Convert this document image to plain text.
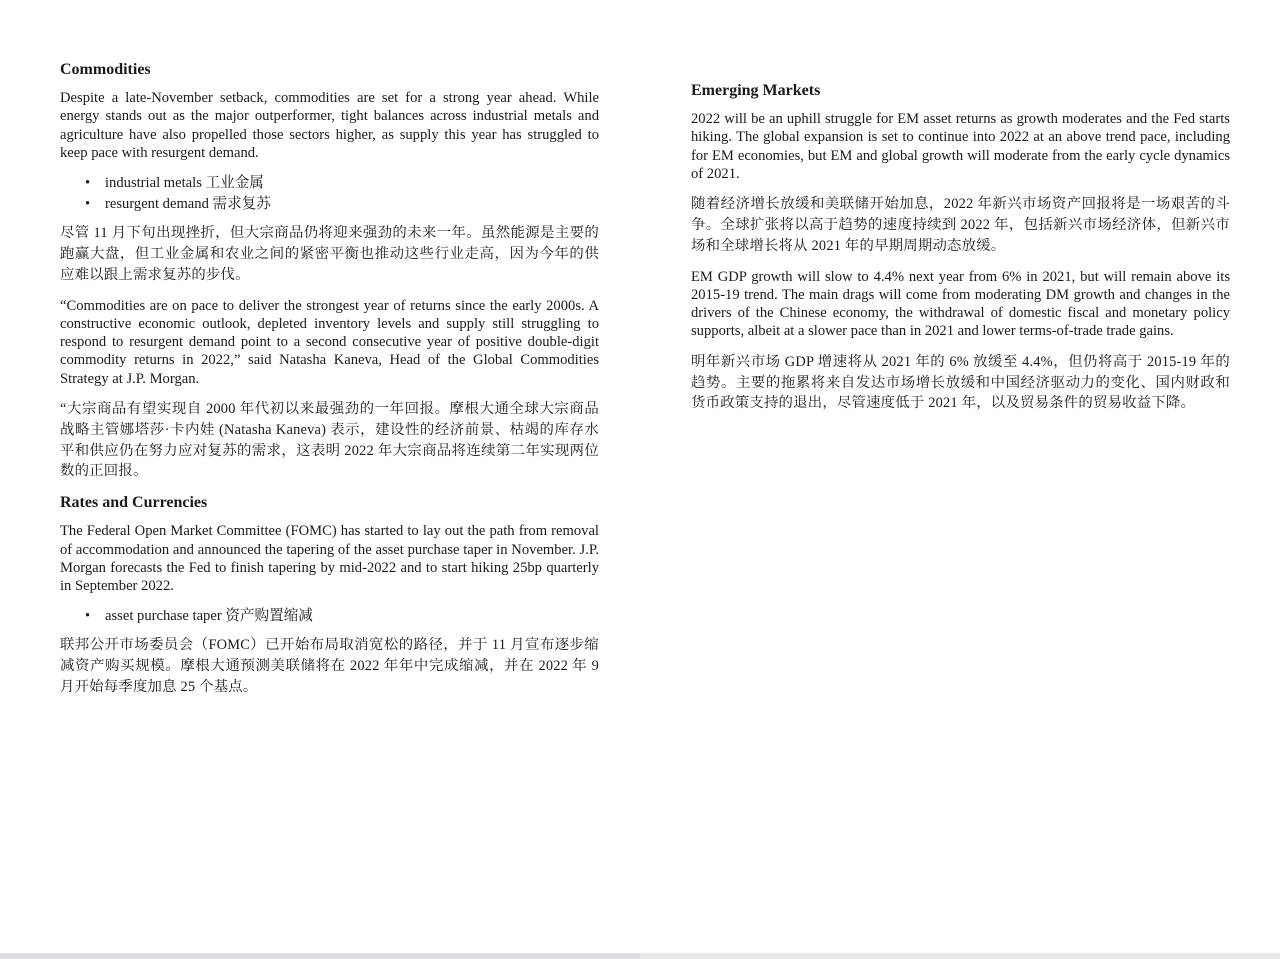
Commodities

Despite a late-November setback, commodities are set for a strong year ahead. While energy stands out as the major outperformer, tight balances across industrial metals and agriculture have also propelled those sectors higher, as supply this year has struggled to keep pace with resurgent demand.

• industrial metals 工业金属
• resurgent demand 需求复苏

尽管 11 月下旬出现挫折，但大宗商品仍将迎来强劲的未来一年。虽然能源是主要的跑赢大盘，但工业金属和农业之间的紧密平衡也推动这些行业走高，因为今年的供应难以跟上需求复苏的步伐。

“Commodities are on pace to deliver the strongest year of returns since the early 2000s. A constructive economic outlook, depleted inventory levels and supply still struggling to respond to resurgent demand point to a second consecutive year of positive double-digit commodity returns in 2022,” said Natasha Kaneva, Head of the Global Commodities Strategy at J.P. Morgan.

“大宗商品有望实现自 2000 年代初以来最强劲的一年回报。摩根大通全球大宗商品战略主管娜塔莎·卡内娃 (Natasha Kaneva) 表示，建设性的经济前景、枯竭的库存水平和供应仍在努力应对复苏的需求，这表明 2022 年大宗商品将连续第二年实现两位数的正回报。

Rates and Currencies

The Federal Open Market Committee (FOMC) has started to lay out the path from removal of accommodation and announced the tapering of the asset purchase taper in November. J.P. Morgan forecasts the Fed to finish tapering by mid-2022 and to start hiking 25bp quarterly in September 2022.

• asset purchase taper 资产购置缩减

联邦公开市场委员会（FOMC）已开始布局取消宽松的路径，并于 11 月宣布逐步缩减资产购买规模。摩根大通预测美联储将在 2022 年年中完成缩减，并在 2022 年 9 月开始每季度加息 25 个基点。

Emerging Markets

2022 will be an uphill struggle for EM asset returns as growth moderates and the Fed starts hiking. The global expansion is set to continue into 2022 at an above trend pace, including for EM economies, but EM and global growth will moderate from the early cycle dynamics of 2021.

随着经济增长放缓和美联储开始加息，2022 年新兴市场资产回报将是一场艰苦的斗争。全球扩张将以高于趋势的速度持续到 2022 年，包括新兴市场经济体，但新兴市场和全球增长将从 2021 年的早期周期动态放缓。

EM GDP growth will slow to 4.4% next year from 6% in 2021, but will remain above its 2015-19 trend. The main drags will come from moderating DM growth and changes in the drivers of the Chinese economy, the withdrawal of domestic fiscal and monetary policy supports, albeit at a slower pace than in 2021 and lower terms-of-trade trade gains.

明年新兴市场 GDP 增速将从 2021 年的 6% 放缓至 4.4%，但仍将高于 2015-19 年的趋势。主要的拖累将来自发达市场增长放缓和中国经济驱动力的变化、国内财政和货币政策支持的退出，尽管速度低于 2021 年，以及贸易条件的贸易收益下降。
